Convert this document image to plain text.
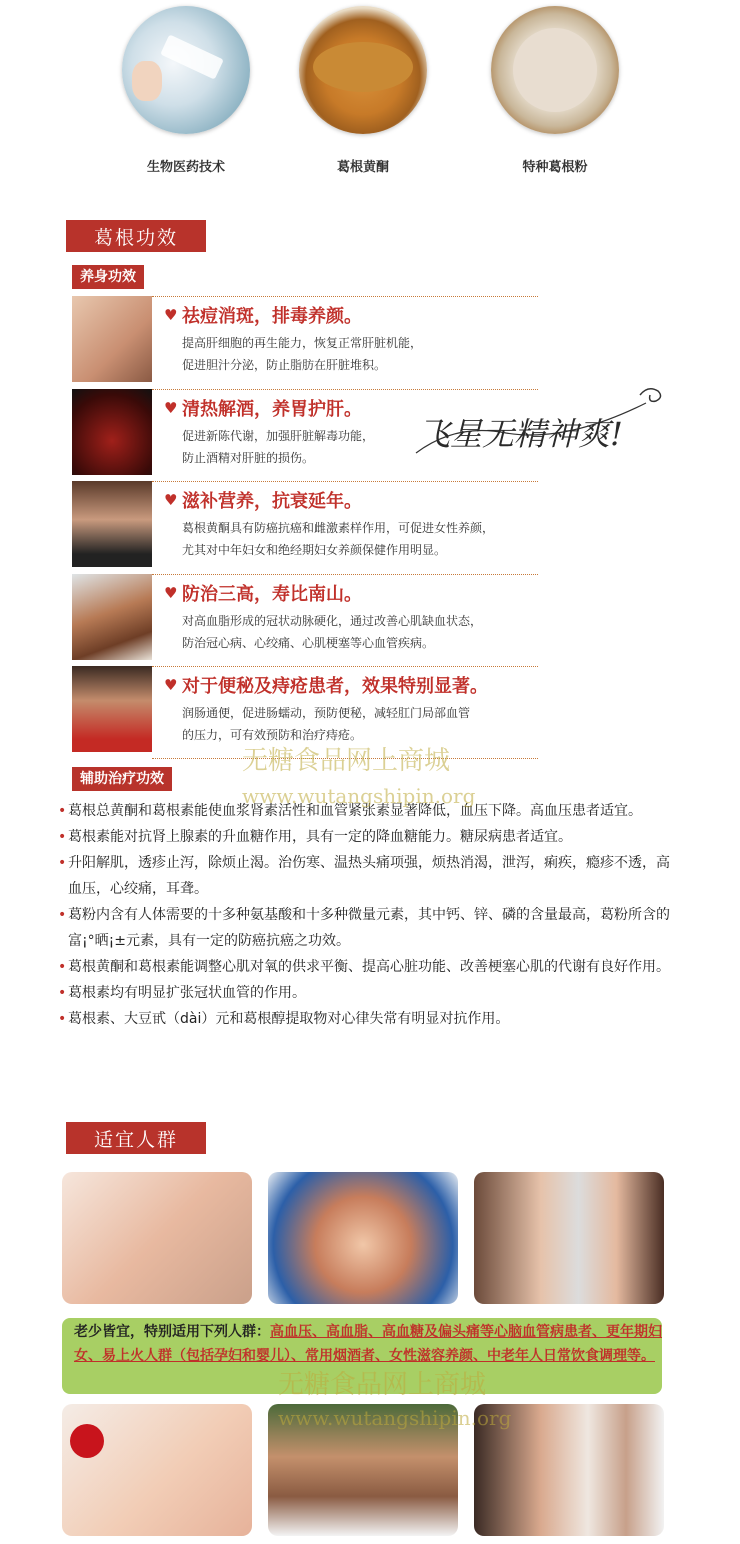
生物医药技术	葛根黄酮	特种葛根粉
葛根功效
养身功效
♥ 祛痘消斑，排毒养颜。
提高肝细胞的再生能力，恢复正常肝脏机能，
促进胆汁分泌，防止脂肪在肝脏堆积。
♥ 清热解酒，养胃护肝。
促进新陈代谢，加强肝脏解毒功能，
防止酒精对肝脏的损伤。
♥ 滋补营养，抗衰延年。
葛根黄酮具有防癌抗癌和雌激素样作用，可促进女性养颜，
尤其对中年妇女和绝经期妇女养颜保健作用明显。
♥ 防治三高，寿比南山。
对高血脂形成的冠状动脉硬化，通过改善心肌缺血状态，
防治冠心病、心绞痛、心肌梗塞等心血管疾病。
♥ 对于便秘及痔疮患者，效果特别显著。
润肠通便，促进肠蠕动，预防便秘，减轻肛门局部血管
的压力，可有效预防和治疗痔疮。
飞星无精神爽!
辅助治疗功效
• 葛根总黄酮和葛根素能使血浆肾素活性和血管紧张素显著降低，血压下降。高血压患者适宜。
• 葛根素能对抗肾上腺素的升血糖作用，具有一定的降血糖能力。糖尿病患者适宜。
• 升阳解肌，透疹止泻，除烦止渴。治伤寒、温热头痛项强，烦热消渴，泄泻，痢疾，瘾疹不透，高血压，心绞痛，耳聋。
• 葛粉内含有人体需要的十多种氨基酸和十多种微量元素，其中钙、锌、磷的含量最高，葛粉所含的富¡°晒¡±元素，具有一定的防癌抗癌之功效。
• 葛根黄酮和葛根素能调整心肌对氧的供求平衡、提高心脏功能、改善梗塞心肌的代谢有良好作用。
• 葛根素均有明显扩张冠状血管的作用。
• 葛根素、大豆甙（dài）元和葛根醇提取物对心律失常有明显对抗作用。
适宜人群
老少皆宜，特别适用下列人群：高血压、高血脂、高血糖及偏头痛等心脑血管病患者、更年期妇女、易上火人群（包括孕妇和婴儿）、常用烟酒者、女性滋容养颜、中老年人日常饮食调理等。
无糖食品网上商城
www.wutangshipin.org
无糖食品网上商城
www.wutangshipin.org
